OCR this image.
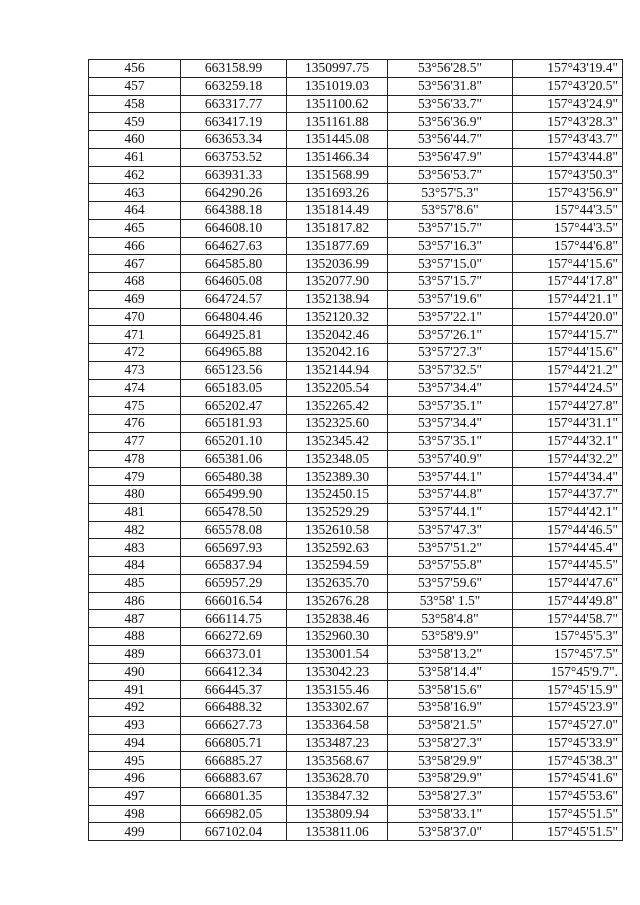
456	663158.99	1350997.75	53°56'28.5"	157°43'19.4"
457	663259.18	1351019.03	53°56'31.8"	157°43'20.5"
458	663317.77	1351100.62	53°56'33.7"	157°43'24.9"
459	663417.19	1351161.88	53°56'36.9"	157°43'28.3"
460	663653.34	1351445.08	53°56'44.7"	157°43'43.7"
461	663753.52	1351466.34	53°56'47.9"	157°43'44.8"
462	663931.33	1351568.99	53°56'53.7"	157°43'50.3"
463	664290.26	1351693.26	53°57'5.3"	157°43'56.9"
464	664388.18	1351814.49	53°57'8.6"	157°44'3.5"
465	664608.10	1351817.82	53°57'15.7"	157°44'3.5"
466	664627.63	1351877.69	53°57'16.3"	157°44'6.8"
467	664585.80	1352036.99	53°57'15.0"	157°44'15.6"
468	664605.08	1352077.90	53°57'15.7"	157°44'17.8"
469	664724.57	1352138.94	53°57'19.6"	157°44'21.1"
470	664804.46	1352120.32	53°57'22.1"	157°44'20.0"
471	664925.81	1352042.46	53°57'26.1"	157°44'15.7"
472	664965.88	1352042.16	53°57'27.3"	157°44'15.6"
473	665123.56	1352144.94	53°57'32.5"	157°44'21.2"
474	665183.05	1352205.54	53°57'34.4"	157°44'24.5"
475	665202.47	1352265.42	53°57'35.1"	157°44'27.8"
476	665181.93	1352325.60	53°57'34.4"	157°44'31.1"
477	665201.10	1352345.42	53°57'35.1"	157°44'32.1"
478	665381.06	1352348.05	53°57'40.9"	157°44'32.2"
479	665480.38	1352389.30	53°57'44.1"	157°44'34.4"
480	665499.90	1352450.15	53°57'44.8"	157°44'37.7"
481	665478.50	1352529.29	53°57'44.1"	157°44'42.1"
482	665578.08	1352610.58	53°57'47.3"	157°44'46.5"
483	665697.93	1352592.63	53°57'51.2"	157°44'45.4"
484	665837.94	1352594.59	53°57'55.8"	157°44'45.5"
485	665957.29	1352635.70	53°57'59.6"	157°44'47.6"
486	666016.54	1352676.28	53°58' 1.5"	157°44'49.8"
487	666114.75	1352838.46	53°58'4.8"	157°44'58.7"
488	666272.69	1352960.30	53°58'9.9"	157°45'5.3"
489	666373.01	1353001.54	53°58'13.2"	157°45'7.5"
490	666412.34	1353042.23	53°58'14.4"	157°45'9.7".
491	666445.37	1353155.46	53°58'15.6"	157°45'15.9"
492	666488.32	1353302.67	53°58'16.9"	157°45'23.9"
493	666627.73	1353364.58	53°58'21.5"	157°45'27.0"
494	666805.71	1353487.23	53°58'27.3"	157°45'33.9"
495	666885.27	1353568.67	53°58'29.9"	157°45'38.3"
496	666883.67	1353628.70	53°58'29.9"	157°45'41.6"
497	666801.35	1353847.32	53°58'27.3"	157°45'53.6"
498	666982.05	1353809.94	53°58'33.1"	157°45'51.5"
499	667102.04	1353811.06	53°58'37.0"	157°45'51.5"
